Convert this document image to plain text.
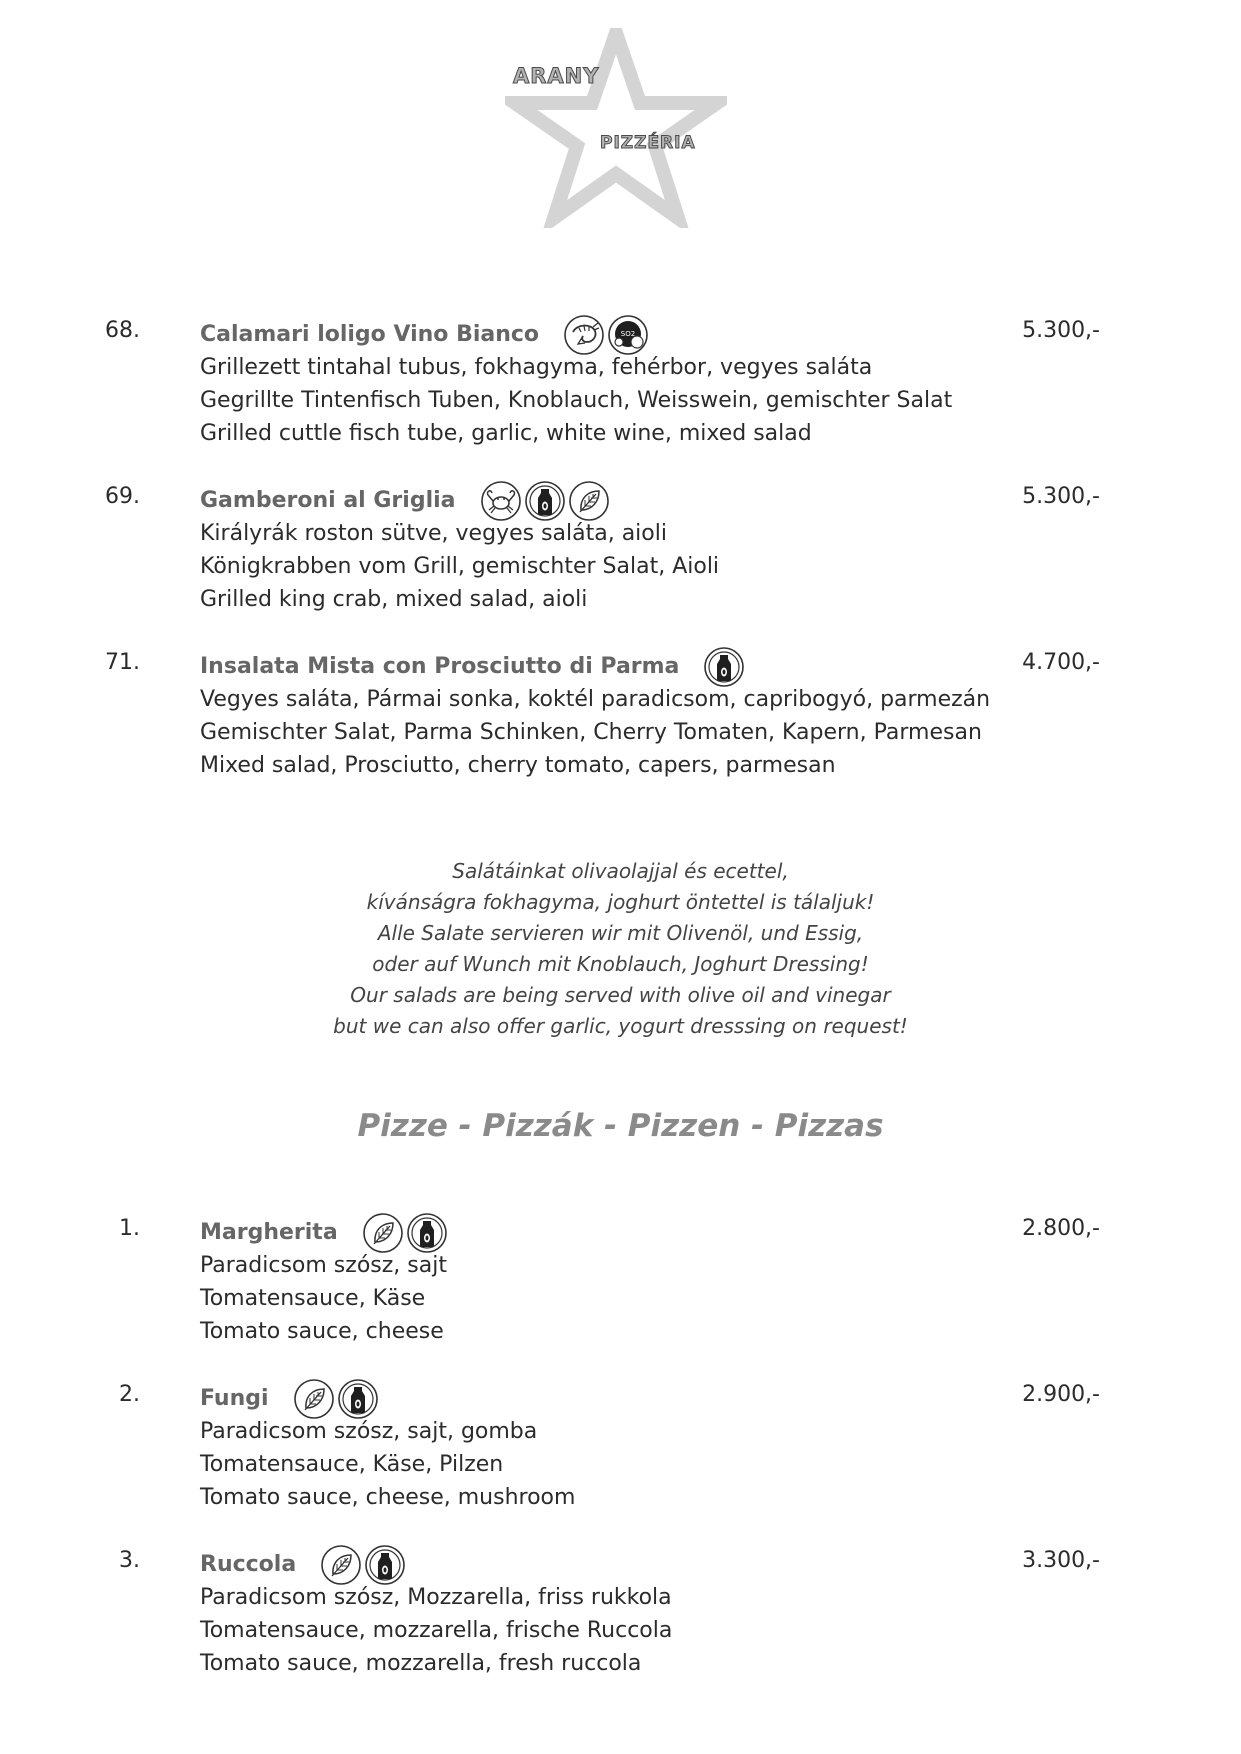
ARANY
PIZZÉRIA
68.	Calamari loligo Vino Bianco	SO2
Grillezett tintahal tubus, fokhagyma, fehérbor, vegyes saláta
Gegrillte Tintenfisch Tuben, Knoblauch, Weisswein, gemischter Salat
Grilled cuttle fisch tube, garlic, white wine, mixed salad
5.300,-
69.	Gamberoni al Griglia
Királyrák roston sütve, vegyes saláta, aioli
Königkrabben vom Grill, gemischter Salat, Aioli
Grilled king crab, mixed salad, aioli
5.300,-
71.	Insalata Mista con Prosciutto di Parma
Vegyes saláta, Pármai sonka, koktél paradicsom, capribogyó, parmezán
Gemischter Salat, Parma Schinken, Cherry Tomaten, Kapern, Parmesan
Mixed salad, Prosciutto, cherry tomato, capers, parmesan
4.700,-
Salátáinkat olivaolajjal és ecettel,
kívánságra fokhagyma, joghurt öntettel is tálaljuk!
Alle Salate servieren wir mit Olivenöl, und Essig,
oder auf Wunch mit Knoblauch, Joghurt Dressing!
Our salads are being served with olive oil and vinegar
but we can also offer garlic, yogurt dresssing on request!
Pizze - Pizzák - Pizzen - Pizzas
1.	Margherita
Paradicsom szósz, sajt
Tomatensauce, Käse
Tomato sauce, cheese
2.800,-
2.	Fungi
Paradicsom szósz, sajt, gomba
Tomatensauce, Käse, Pilzen
Tomato sauce, cheese, mushroom
2.900,-
3.	Ruccola
Paradicsom szósz, Mozzarella, friss rukkola
Tomatensauce, mozzarella, frische Ruccola
Tomato sauce, mozzarella, fresh ruccola
3.300,-
